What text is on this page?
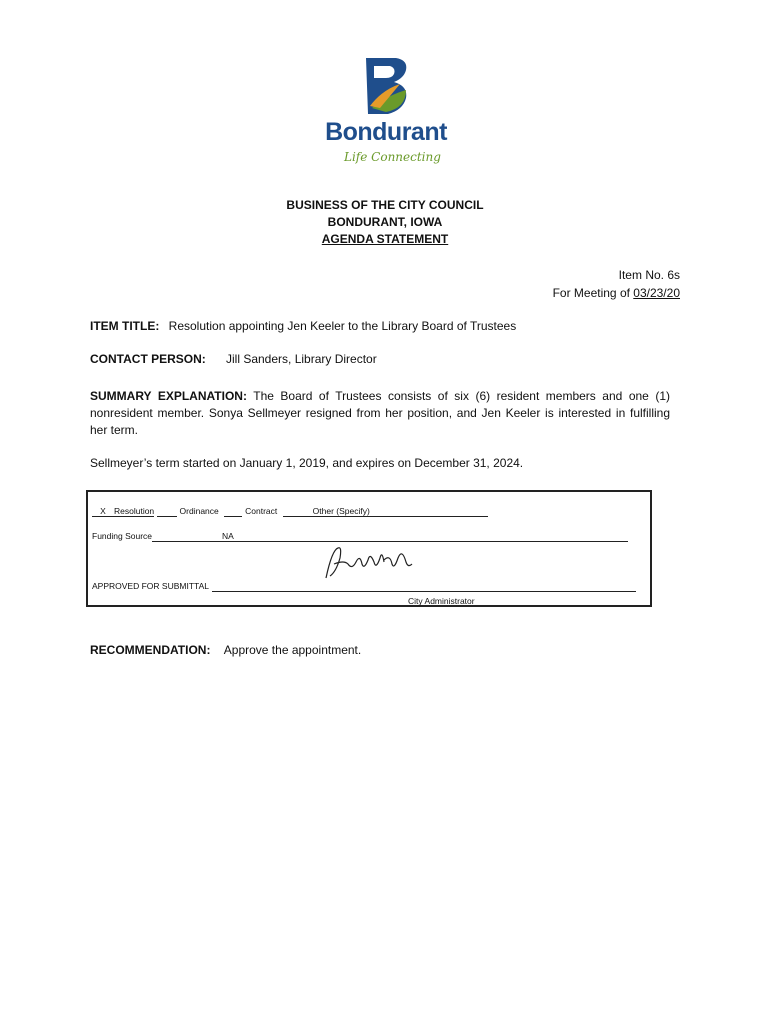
Bondurant
Life Connecting
BUSINESS OF THE CITY COUNCIL
BONDURANT, IOWA
AGENDA STATEMENT
Item No. 6s
For Meeting of 03/23/20
ITEM TITLE: Resolution appointing Jen Keeler to the Library Board of Trustees
CONTACT PERSON: Jill Sanders, Library Director
SUMMARY EXPLANATION: The Board of Trustees consists of six (6) resident members and one (1) nonresident member. Sonya Sellmeyer resigned from her position, and Jen Keeler is interested in fulfilling her term.
Sellmeyer’s term started on January 1, 2019, and expires on December 31, 2024.
X Resolution	Ordinance	Contract	Other (Specify)
Funding Source	NA
APPROVED FOR SUBMITTAL
City Administrator
RECOMMENDATION: Approve the appointment.
